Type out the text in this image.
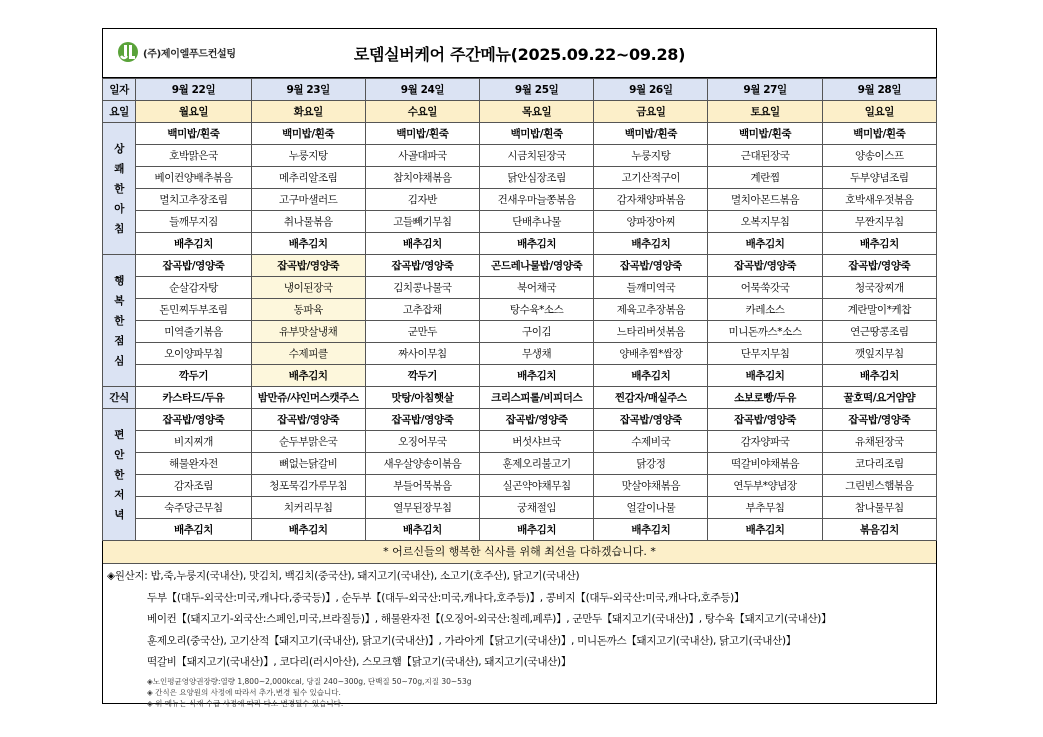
(주)제이엘푸드컨설팅	로뎀실버케어 주간메뉴(2025.09.22~09.28)
일자	9월 22일	9월 23일	9월 24일	9월 25일	9월 26일	9월 27일	9월 28일
요일	월요일	화요일	수요일	목요일	금요일	토요일	일요일

상
쾌
한
아
침	백미밥/흰죽	백미밥/흰죽	백미밥/흰죽	백미밥/흰죽	백미밥/흰죽	백미밥/흰죽	백미밥/흰죽
	호박맑은국	누룽지탕	사골대파국	시금치된장국	누룽지탕	근대된장국	양송이스프
	베이컨양배추볶음	메추리알조림	참치야채볶음	닭안심장조림	고기산적구이	계란찜	두부양념조림
	멸치고추장조림	고구마샐러드	김자반	건새우마늘쫑볶음	감자채양파볶음	멸치아몬드볶음	호박새우젓볶음
	들깨무지짐	취나물볶음	고들빼기무침	단배추나물	양파장아찌	오복지무침	무짠지무침
	배추김치	배추김치	배추김치	배추김치	배추김치	배추김치	배추김치

행
복
한
점
심	잡곡밥/영양죽	잡곡밥/영양죽	잡곡밥/영양죽	곤드레나물밥/영양죽	잡곡밥/영양죽	잡곡밥/영양죽	잡곡밥/영양죽
	순살감자탕	냉이된장국	김치콩나물국	북어채국	들깨미역국	어묵쑥갓국	청국장찌개
	돈민찌두부조림	동파육	고추잡채	탕수육*소스	제육고추장볶음	카레소스	계란말이*케찹
	미역줄기볶음	유부맛살냉채	군만두	구이김	느타리버섯볶음	미니돈까스*소스	연근땅콩조림
	오이양파무침	수제피클	짜사이무침	무생채	양배추찜*쌈장	단무지무침	깻잎지무침
	깍두기	배추김치	깍두기	배추김치	배추김치	배추김치	배추김치
간식	카스타드/두유	밤만쥬/샤인머스캣주스	맛탕/아침햇살	크리스피롤/비피더스	찐감자/매실주스	소보로빵/두유	꿀호떡/요거얌얌

편
안
한
저
녁	잡곡밥/영양죽	잡곡밥/영양죽	잡곡밥/영양죽	잡곡밥/영양죽	잡곡밥/영양죽	잡곡밥/영양죽	잡곡밥/영양죽
	비지찌개	순두부맑은국	오징어무국	버섯샤브국	수제비국	감자양파국	유채된장국
	해물완자전	뼈없는닭갈비	새우살양송이볶음	훈제오리불고기	닭강정	떡갈비야채볶음	코다리조림
	감자조림	청포묵김가루무침	부들어묵볶음	실곤약야채무침	맛살야채볶음	연두부*양념장	그린빈스햄볶음
	숙주당근무침	치커리무침	열무된장무침	궁채절임	얼갈이나물	부추무침	참나물무침
	배추김치	배추김치	배추김치	배추김치	배추김치	배추김치	볶음김치
* 어르신들의 행복한 식사를 위해 최선을 다하겠습니다. *
◈원산지: 밥,죽,누룽지(국내산), 맛김치, 백김치(중국산), 돼지고기(국내산), 소고기(호주산), 닭고기(국내산)
두부【(대두-외국산:미국,캐나다,중국등)】, 순두부【(대두-외국산:미국,캐나다,호주등)】, 콩비지【(대두-외국산:미국,캐나다,호주등)】
베이컨【(돼지고기-외국산:스페인,미국,브라질등)】, 해물완자전【(오징어-외국산:칠레,페루)】, 군만두【돼지고기(국내산)】, 탕수육【돼지고기(국내산)】
훈제오리(중국산), 고기산적【돼지고기(국내산), 닭고기(국내산)】, 가라아게【닭고기(국내산)】, 미니돈까스【돼지고기(국내산), 닭고기(국내산)】
떡갈비【돼지고기(국내산)】, 코다리(러시아산), 스모크햄【닭고기(국내산), 돼지고기(국내산)】
◈노인평균영양권장량:열량 1,800~2,000kcal, 당질 240~300g, 단백질 50~70g,지질 30~53g
◈ 간식은 요양원의 사정에 따라서 추가,변경 될수 있습니다.
◈ 위 메뉴는 식재 수급 사정에 따라 다소 변경될수 있습니다.
